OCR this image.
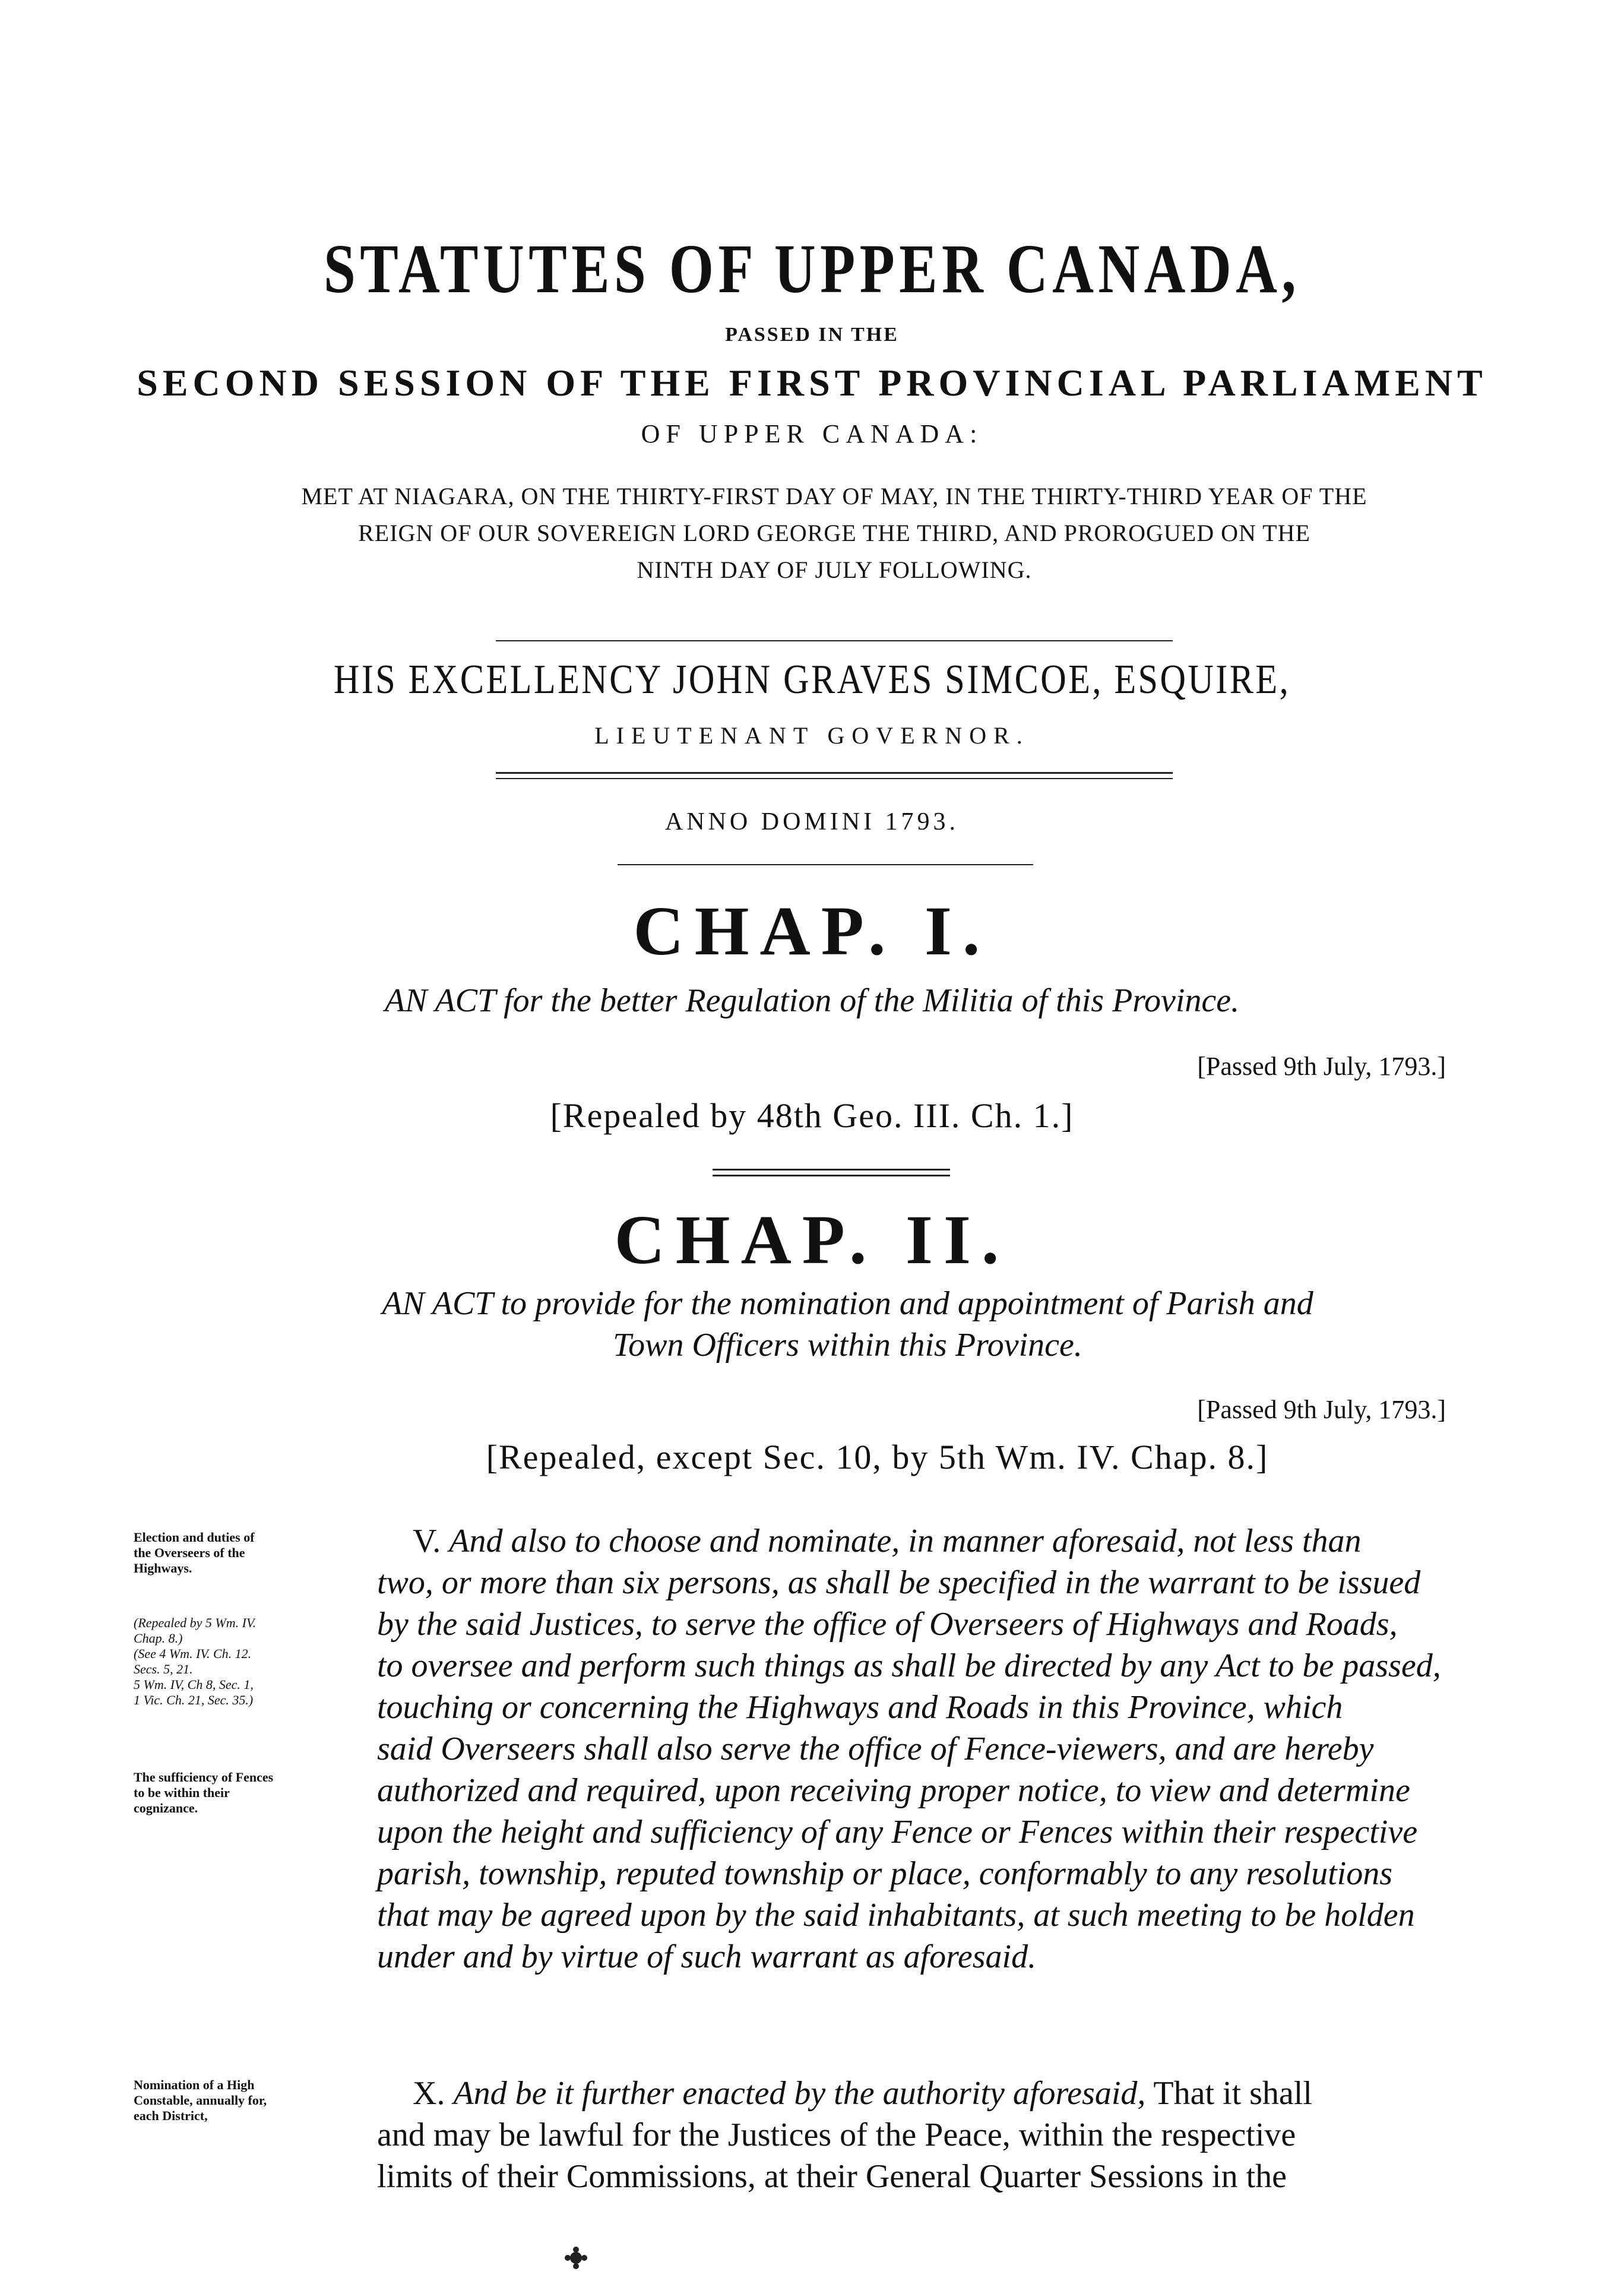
STATUTES OF UPPER CANADA,
PASSED IN THE
SECOND SESSION OF THE FIRST PROVINCIAL PARLIAMENT
OF UPPER CANADA:
MET AT NIAGARA, ON THE THIRTY-FIRST DAY OF MAY, IN THE THIRTY-THIRD YEAR OF THE
REIGN OF OUR SOVEREIGN LORD GEORGE THE THIRD, AND PROROGUED ON THE
NINTH DAY OF JULY FOLLOWING.
HIS EXCELLENCY JOHN GRAVES SIMCOE, ESQUIRE,
LIEUTENANT GOVERNOR.
ANNO DOMINI 1793.
CHAP. I.
AN ACT for the better Regulation of the Militia of this Province.
[Passed 9th July, 1793.]
[Repealed by 48th Geo. III. Ch. 1.]
CHAP. II.
AN ACT to provide for the nomination and appointment of Parish and
Town Officers within this Province.
[Passed 9th July, 1793.]
[Repealed, except Sec. 10, by 5th Wm. IV. Chap. 8.]
Election and duties of
the Overseers of the
Highways.
(Repealed by 5 Wm. IV.
Chap. 8.)
(See 4 Wm. IV. Ch. 12.
Secs. 5, 21.
5 Wm. IV, Ch 8, Sec. 1,
1 Vic. Ch. 21, Sec. 35.)
The sufficiency of Fences
to be within their
cognizance.
Nomination of a High
Constable, annually for,
each District,
V. And also to choose and nominate, in manner aforesaid, not less than
two, or more than six persons, as shall be specified in the warrant to be issued
by the said Justices, to serve the office of Overseers of Highways and Roads,
to oversee and perform such things as shall be directed by any Act to be passed,
touching or concerning the Highways and Roads in this Province, which
said Overseers shall also serve the office of Fence-viewers, and are hereby
authorized and required, upon receiving proper notice, to view and determine
upon the height and sufficiency of any Fence or Fences within their respective
parish, township, reputed township or place, conformably to any resolutions
that may be agreed upon by the said inhabitants, at such meeting to be holden
under and by virtue of such warrant as aforesaid.
X. And be it further enacted by the authority aforesaid, That it shall
and may be lawful for the Justices of the Peace, within the respective
limits of their Commissions, at their General Quarter Sessions in the
